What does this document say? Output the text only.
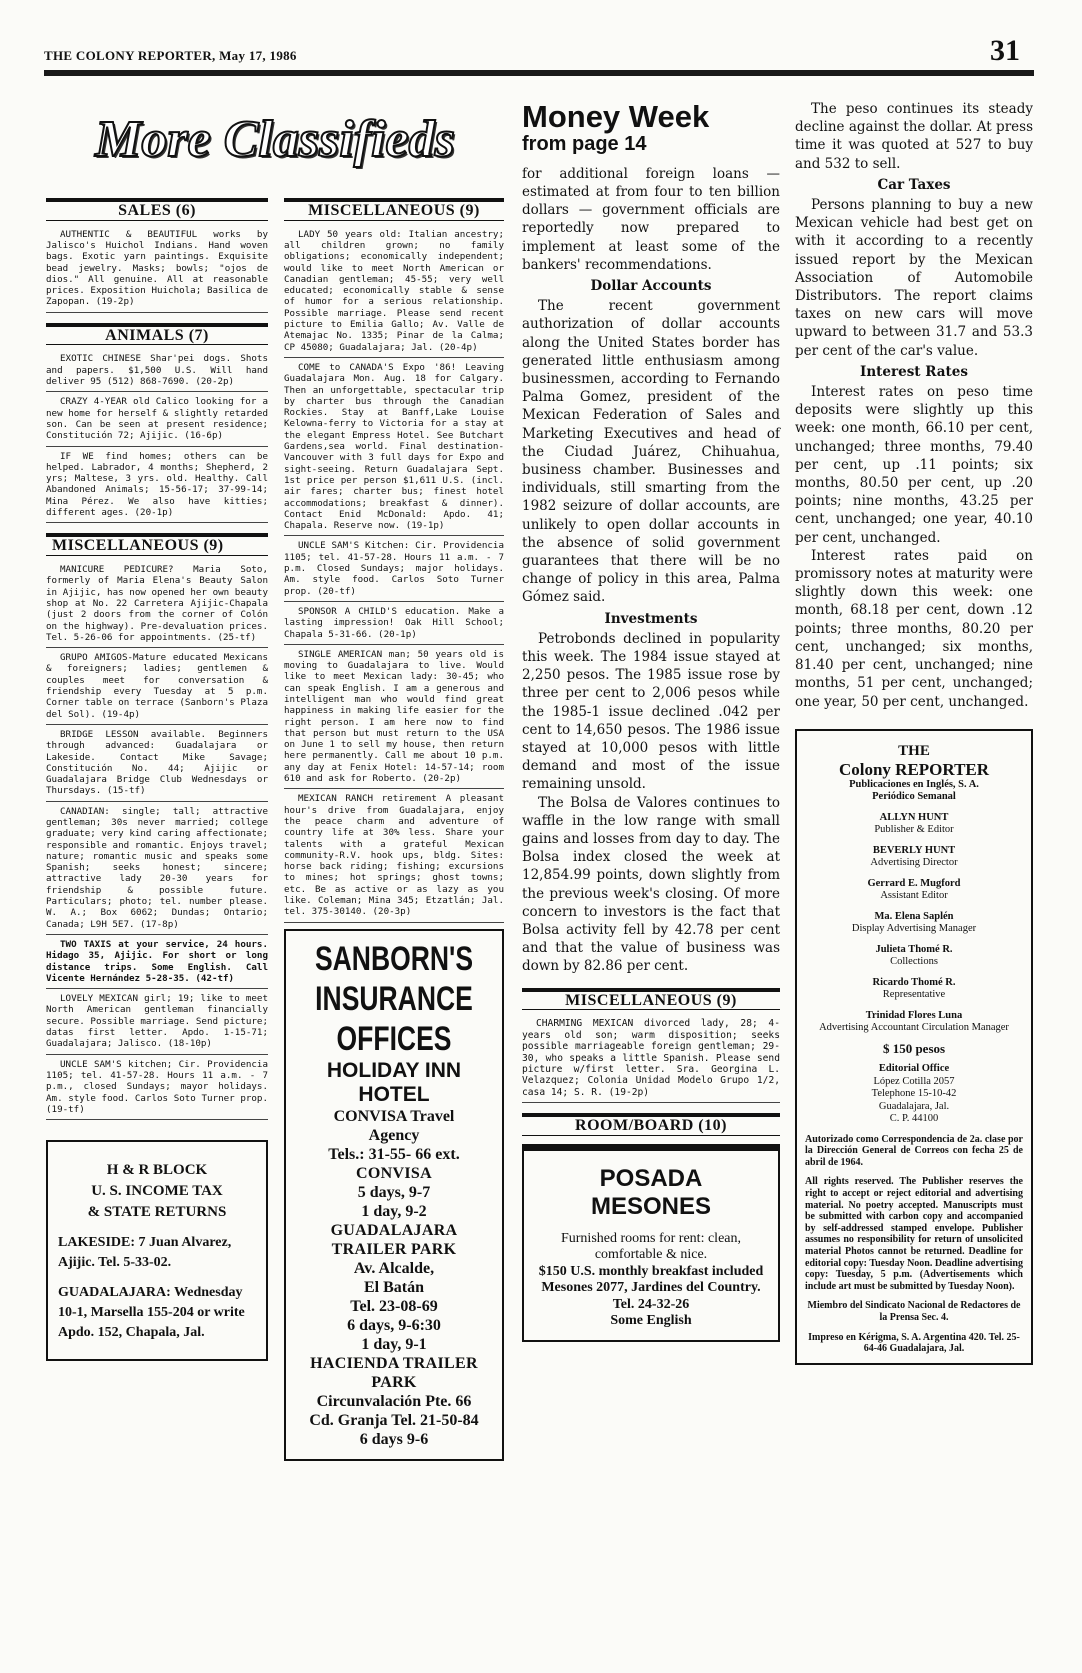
THE COLONY REPORTER, May 17, 1986	31
More Classifieds
SALES (6)
AUTHENTIC & BEAUTIFUL works by Jalisco's Huichol Indians. Hand woven bags. Exotic yarn paintings. Exquisite bead jewelry. Masks; bowls; "ojos de dios." All genuine. All at reasonable prices. Exposition Huichola; Basilica de Zapopan. (19-2p)
ANIMALS (7)
EXOTIC CHINESE Shar'pei dogs. Shots and papers. $1,500 U.S. Will hand deliver 95 (512) 868-7690. (20-2p)
CRAZY 4-YEAR old Calico looking for a new home for herself & slightly retarded son. Can be seen at present residence; Constitución 72; Ajijic. (16-6p)
IF WE find homes; others can be helped. Labrador, 4 months; Shepherd, 2 yrs; Maltese, 3 yrs. old. Healthy. Call Abandoned Animals; 15-56-17; 37-99-14; Mina Pérez. We also have kitties; different ages. (20-1p)
MISCELLANEOUS (9)
MANICURE PEDICURE? Maria Soto, formerly of Maria Elena's Beauty Salon in Ajijic, has now opened her own beauty shop at No. 22 Carretera Ajijic-Chapala (just 2 doors from the corner of Colón on the highway). Pre-devaluation prices. Tel. 5-26-06 for appointments. (25-tf)
GRUPO AMIGOS-Mature educated Mexicans & foreigners; ladies; gentlemen & couples meet for conversation & friendship every Tuesday at 5 p.m. Corner table on terrace (Sanborn's Plaza del Sol). (19-4p)
BRIDGE LESSON available. Beginners through advanced: Guadalajara or Lakeside. Contact Mike Savage; Constitución No. 44; Ajijic or Guadalajara Bridge Club Wednesdays or Thursdays. (15-tf)
CANADIAN: single; tall; attractive gentleman; 30s never married; college graduate; very kind caring affectionate; responsible and romantic. Enjoys travel; nature; romantic music and speaks some Spanish; seeks honest; sincere; attractive lady 20-30 years for friendship & possible future. Particulars; photo; tel. number please. W. A.; Box 6062; Dundas; Ontario; Canada; L9H 5E7. (17-8p)
TWO TAXIS at your service, 24 hours. Hidago 35, Ajijic. For short or long distance trips. Some English. Call Vicente Hernández 5-28-35. (42-tf)
LOVELY MEXICAN girl; 19; like to meet North American gentleman financially secure. Possible marriage. Send picture; datas first letter. Apdo. 1-15-71; Guadalajara; Jalisco. (18-10p)
UNCLE SAM'S kitchen; Cir. Providencia 1105; tel. 41-57-28. Hours 11 a.m. - 7 p.m., closed Sundays; mayor holidays. Am. style food. Carlos Soto Turner prop. (19-tf)
H & R BLOCK
U. S. INCOME TAX
& STATE RETURNS
LAKESIDE: 7 Juan Alvarez, Ajijic. Tel. 5-33-02.
GUADALAJARA: Wednesday 10-1, Marsella 155-204 or write Apdo. 152, Chapala, Jal.
MISCELLANEOUS (9)
LADY 50 years old: Italian ancestry; all children grown; no family obligations; economically independent; would like to meet North American or Canadian gentleman; 45-55; very well educated; economically stable & sense of humor for a serious relationship. Possible marriage. Please send recent picture to Emilia Gallo; Av. Valle de Atemajac No. 1335; Pinar de la Calma; CP 45080; Guadalajara; Jal. (20-4p)
COME to CANADA'S Expo '86! Leaving Guadalajara Mon. Aug. 18 for Calgary. Then an unforgettable, spectacular trip by charter bus through the Canadian Rockies. Stay at Banff,Lake Louise Kelowna-ferry to Victoria for a stay at the elegant Empress Hotel. See Butchart Gardens,sea world. Final destination-Vancouver with 3 full days for Expo and sight-seeing. Return Guadalajara Sept. 1st price per person $1,611 U.S. (incl. air fares; charter bus; finest hotel accommodations; breakfast & dinner). Contact Enid McDonald: Apdo. 41; Chapala. Reserve now. (19-1p)
UNCLE SAM'S Kitchen: Cir. Providencia 1105; tel. 41-57-28. Hours 11 a.m. - 7 p.m. Closed Sundays; major holidays. Am. style food. Carlos Soto Turner prop. (20-tf)
SPONSOR A CHILD'S education. Make a lasting impression! Oak Hill School; Chapala 5-31-66. (20-1p)
SINGLE AMERICAN man; 50 years old is moving to Guadalajara to live. Would like to meet Mexican lady: 30-45; who can speak English. I am a generous and intelligent man who would find great happiness in making life easier for the right person. I am here now to find that person but must return to the USA on June 1 to sell my house, then return here permanently. Call me about 10 p.m. any day at Fenix Hotel: 14-57-14; room 610 and ask for Roberto. (20-2p)
MEXICAN RANCH retirement A pleasant hour's drive from Guadalajara, enjoy the peace charm and adventure of country life at 30% less. Share your talents with a grateful Mexican community-R.V. hook ups, bldg. Sites: horse back riding; fishing; excursions to mines; hot springs; ghost towns; etc. Be as active or as lazy as you like. Coleman; Mina 345; Etzatlán; Jal. tel. 375-30140. (20-3p)
SANBORN'S
INSURANCE
OFFICES
HOLIDAY INN
HOTEL
CONVISA Travel
Agency
Tels.: 31-55- 66 ext.
CONVISA
5 days, 9-7
1 day, 9-2
GUADALAJARA
TRAILER PARK
Av. Alcalde,
El Batán
Tel. 23-08-69
6 days, 9-6:30
1 day, 9-1
HACIENDA TRAILER
PARK
Circunvalación Pte. 66
Cd. Granja Tel. 21-50-84
6 days 9-6
Money Week
from page 14

for additional foreign loans — estimated at from four to ten billion dollars — government officials are reportedly now prepared to implement at least some of the bankers' recommendations.

Dollar Accounts

The recent government authorization of dollar accounts along the United States border has generated little enthusiasm among businessmen, according to Fernando Palma Gomez, president of the Mexican Federation of Sales and Marketing Executives and head of the Ciudad Juárez, Chihuahua, business chamber. Businesses and individuals, still smarting from the 1982 seizure of dollar accounts, are unlikely to open dollar accounts in the absence of solid government guarantees that there will be no change of policy in this area, Palma Gómez said.

Investments

Petrobonds declined in popularity this week. The 1984 issue stayed at 2,250 pesos. The 1985 issue rose by three per cent to 2,006 pesos while the 1985-1 issue declined .042 per cent to 14,650 pesos. The 1986 issue stayed at 10,000 pesos with little demand and most of the issue remaining unsold.

The Bolsa de Valores continues to waffle in the low range with small gains and losses from day to day. The Bolsa index closed the week at 12,854.99 points, down slightly from the previous week's closing. Of more concern to investors is the fact that Bolsa activity fell by 42.78 per cent and that the value of business was down by 82.86 per cent.

MISCELLANEOUS (9)
CHARMING MEXICAN divorced lady, 28; 4-years old son; warm disposition; seeks possible marriageable foreign gentleman; 29-30, who speaks a little Spanish. Please send picture w/first letter. Sra. Georgina L. Velazquez; Colonia Unidad Modelo Grupo 1/2, casa 14; S. R. (19-2p)
ROOM/BOARD (10)
POSADA
MESONES
Furnished rooms for rent: clean, comfortable & nice.
$150 U.S. monthly breakfast included Mesones 2077, Jardines del Country.
Tel. 24-32-26
Some English

The peso continues its steady decline against the dollar. At press time it was quoted at 527 to buy and 532 to sell.

Car Taxes

Persons planning to buy a new Mexican vehicle had best get on with it according to a recently issued report by the Mexican Association of Automobile Distributors. The report claims taxes on new cars will move upward to between 31.7 and 53.3 per cent of the car's value.

Interest Rates

Interest rates on peso time deposits were slightly up this week: one month, 66.10 per cent, unchanged; three months, 79.40 per cent, up .11 points; six months, 80.50 per cent, up .20 points; nine months, 43.25 per cent, unchanged; one year, 40.10 per cent, unchanged.

Interest rates paid on promissory notes at maturity were slightly down this week: one month, 68.18 per cent, down .12 points; three months, 80.20 per cent, unchanged; six months, 81.40 per cent, unchanged; nine months, 51 per cent, unchanged; one year, 50 per cent, unchanged.

THE
Colony REPORTER
Publicaciones en Inglés, S. A.
Periódico Semanal
ALLYN HUNT
Publisher & Editor
BEVERLY HUNT
Advertising Director
Gerrard E. Mugford
Assistant Editor
Ma. Elena Saplén
Display Advertising Manager
Julieta Thomé R.
Collections
Ricardo Thomé R.
Representative
Trinidad Flores Luna
Advertising Accountant Circulation Manager
$ 150 pesos
Editorial Office
López Cotilla 2057
Telephone 15-10-42
Guadalajara, Jal.
C. P. 44100
Autorizado como Correspondencia de 2a. clase por la Dirección General de Correos con fecha 25 de abril de 1964.
All rights reserved. The Publisher reserves the right to accept or reject editorial and advertising material. No poetry accepted. Manuscripts must be submitted with carbon copy and accompanied by self-addressed stamped envelope. Publisher assumes no responsibility for return of unsolicited material Photos cannot be returned. Deadline for editorial copy: Tuesday Noon. Deadline advertising copy: Tuesday, 5 p.m. (Advertisements which include art must be submitted by Tuesday Noon).
Miembro del Sindicato Nacional de Redactores de la Prensa Sec. 4.
Impreso en Kérigma, S. A. Argentina 420. Tel. 25-64-46 Guadalajara, Jal.
